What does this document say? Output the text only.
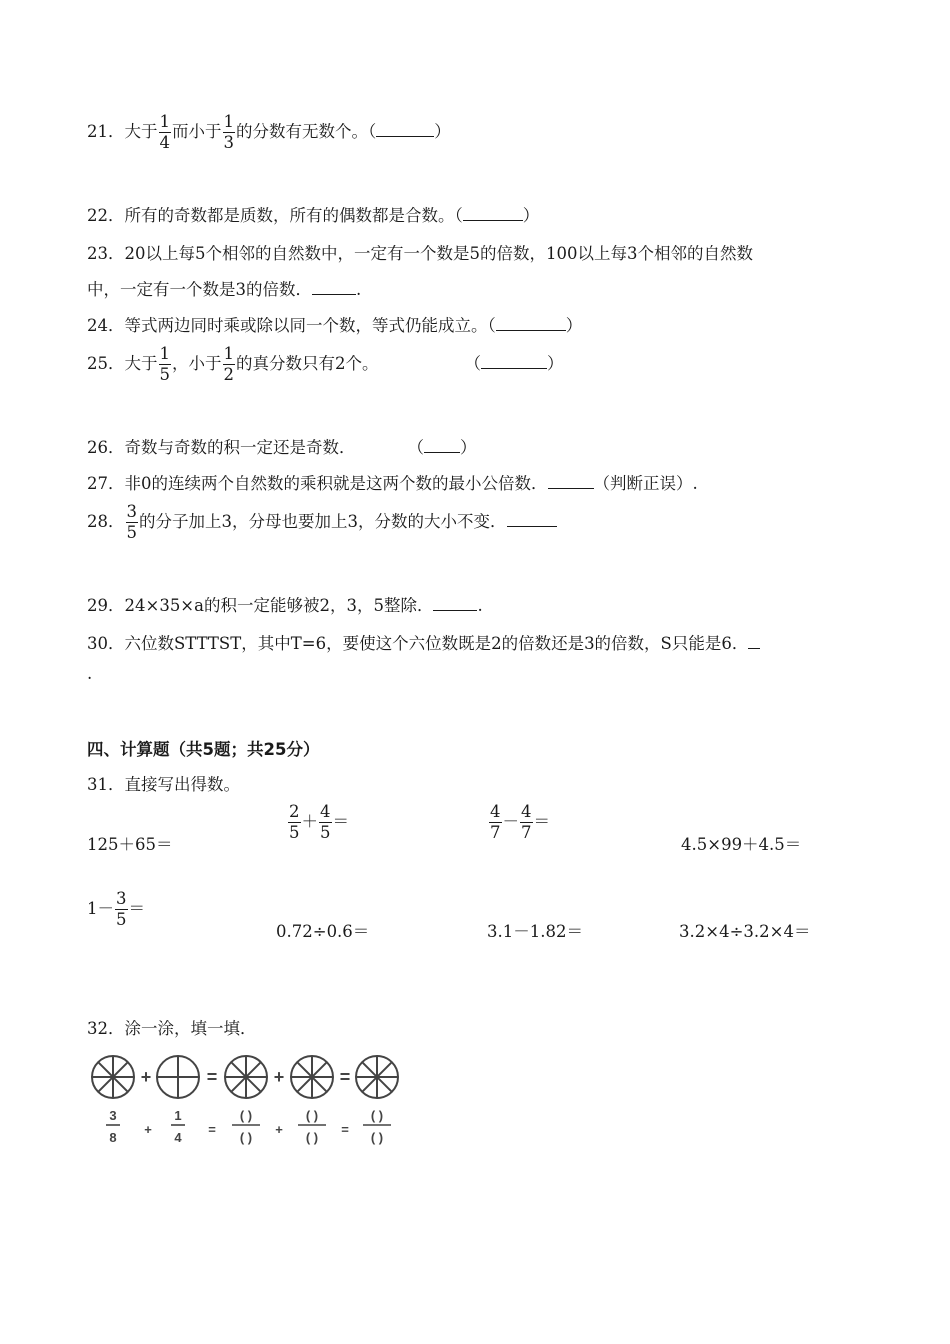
21．大于 $\frac{1}{4}$ 而小于 $\frac{1}{3}$ 的分数有无数个。（	）
22．所有的奇数都是质数，所有的偶数都是合数。（	）
23．20以上每5个相邻的自然数中，一定有一个数是5的倍数，100以上每3个相邻的自然数
中，一定有一个数是3的倍数．	.
24．等式两边同时乘或除以同一个数，等式仍能成立。（	）
25．大于 $\frac{1}{5}$ ，小于 $\frac{1}{2}$ 的真分数只有2个。	（	）
26．奇数与奇数的积一定还是奇数．	（ ）
27．非0的连续两个自然数的乘积就是这两个数的最小公倍数．	（判断正误）.
28． $\frac{3}{5}$ 的分子加上3，分母也要加上3，分数的大小不变．
29．24×35×a的积一定能够被2，3，5整除．	.
30．六位数STTTST，其中T=6，要使这个六位数既是2的倍数还是3的倍数，S只能是6．
.
四、计算题（共5题；共25分）
31．直接写出得数。
125＋65＝
$\frac{2}{5} + \frac{4}{5}$ ＝	$\frac{4}{7} - \frac{4}{7}$ ＝
4.5×99＋4.5＝
$1- \frac{3}{5}$ ＝
0.72÷0.6＝	3.1－1.82＝	3.2×4÷3.2×4＝
32．涂一涂，填一填．
+	=	+	=
3
8
+
1
4
=
( )
( )
+
( )
( )
=
( )
( )
